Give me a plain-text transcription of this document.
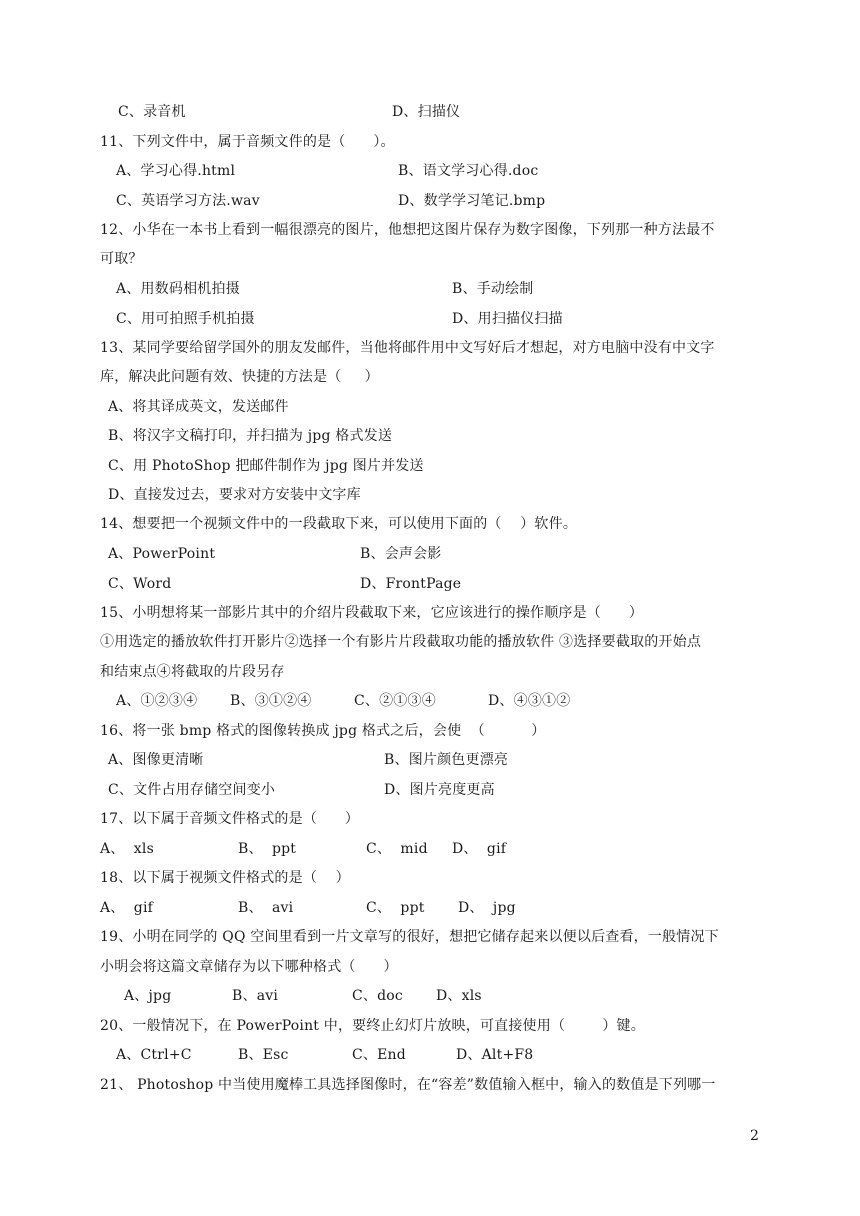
C、录音机

	D、扫描仪

11、下列文件中，属于音频文件的是（      ）。

A、学习心得.html

	B、语文学习心得.doc

C、英语学习方法.wav

	D、数学学习笔记.bmp

12、小华在一本书上看到一幅很漂亮的图片，他想把这图片保存为数字图像，下列那一种方法最不

可取？

A、用数码相机拍摄

	B、手动绘制

C、用可拍照手机拍摄

	D、用扫描仪扫描

13、某同学要给留学国外的朋友发邮件，当他将邮件用中文写好后才想起，对方电脑中没有中文字

库，解决此问题有效、快捷的方法是（     ）

A、将其译成英文，发送邮件

B、将汉字文稿打印，并扫描为 jpg 格式发送

C、用 PhotoShop 把邮件制作为 jpg 图片并发送

D、直接发过去，要求对方安装中文字库

14、想要把一个视频文件中的一段截取下来，可以使用下面的（    ）软件。

A、PowerPoint

	B、会声会影

C、Word

	D、FrontPage

15、小明想将某一部影片其中的介绍片段截取下来，它应该进行的操作顺序是（      ）

①用选定的播放软件打开影片②选择一个有影片片段截取功能的播放软件 ③选择要截取的开始点

和结束点④将截取的片段另存

A、①②③④

B、③①②④

	C、②①③④

	D、④③①②

16、将一张 bmp 格式的图像转换成 jpg 格式之后，会使  （          ）

A、图像更清晰

	B、图片颜色更漂亮

C、文件占用存储空间变小

	D、图片亮度更高

17、以下属于音频文件格式的是（      ）

A、  xls

	B、  ppt

	C、  mid

D、  gif

18、以下属于视频文件格式的是（    ）

A、  gif

	B、  avi

	C、  ppt

D、  jpg

19、小明在同学的 QQ 空间里看到一片文章写的很好，想把它储存起来以便以后查看，一般情况下

小明会将这篇文章储存为以下哪种格式（      ）

A、jpg

	B、avi

	C、doc

D、xls

20、一般情况下，在 PowerPoint 中，要终止幻灯片放映，可直接使用（        ）键。

A、Ctrl+C

	B、Esc

	C、End

	D、Alt+F8

21、 Photoshop 中当使用魔棒工具选择图像时，在“容差”数值输入框中，输入的数值是下列哪一

2
